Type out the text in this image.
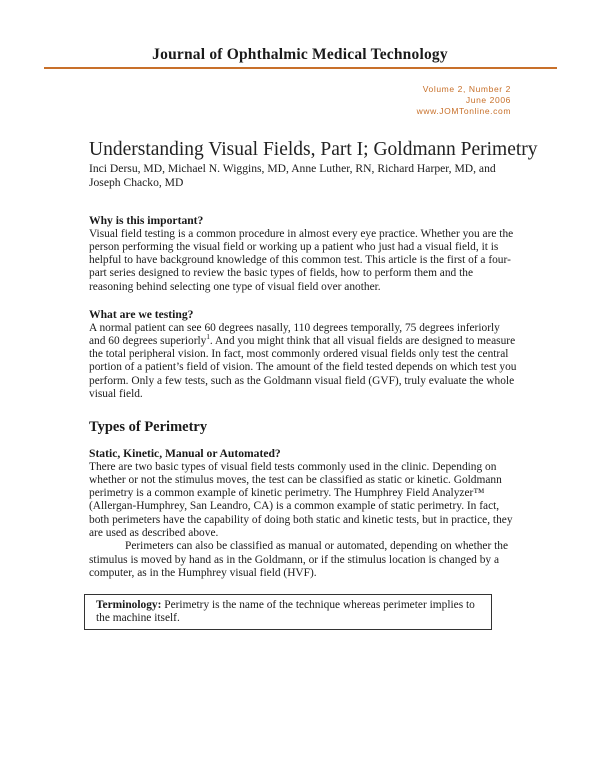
Journal of Ophthalmic Medical Technology
Volume 2, Number 2
June 2006
www.JOMTonline.com
Understanding Visual Fields, Part I; Goldmann Perimetry
Inci Dersu, MD, Michael N. Wiggins, MD, Anne Luther, RN, Richard Harper, MD, and
Joseph Chacko, MD
Why is this important?

Visual field testing is a common procedure in almost every eye practice. Whether you are the person performing the visual field or working up a patient who just had a visual field, it is helpful to have background knowledge of this common test. This article is the first of a four-part series designed to review the basic types of fields, how to perform them and the reasoning behind selecting one type of visual field over another.

What are we testing?

A normal patient can see 60 degrees nasally, 110 degrees temporally, 75 degrees inferiorly and 60 degrees superiorly$^1$. And you might think that all visual fields are designed to measure the total peripheral vision. In fact, most commonly ordered visual fields only test the central portion of a patient’s field of vision. The amount of the field tested depends on which test you perform. Only a few tests, such as the Goldmann visual field (GVF), truly evaluate the whole visual field.

Types of Perimetry
Static, Kinetic, Manual or Automated?

There are two basic types of visual field tests commonly used in the clinic. Depending on whether or not the stimulus moves, the test can be classified as static or kinetic. Goldmann perimetry is a common example of kinetic perimetry. The Humphrey Field Analyzer™ (Allergan-Humphrey, San Leandro, CA) is a common example of static perimetry. In fact, both perimeters have the capability of doing both static and kinetic tests, but in practice, they are used as described above.

Perimeters can also be classified as manual or automated, depending on whether the stimulus is moved by hand as in the Goldmann, or if the stimulus location is changed by a computer, as in the Humphrey visual field (HVF).

Terminology: Perimetry is the name of the technique whereas perimeter implies to the machine itself.
